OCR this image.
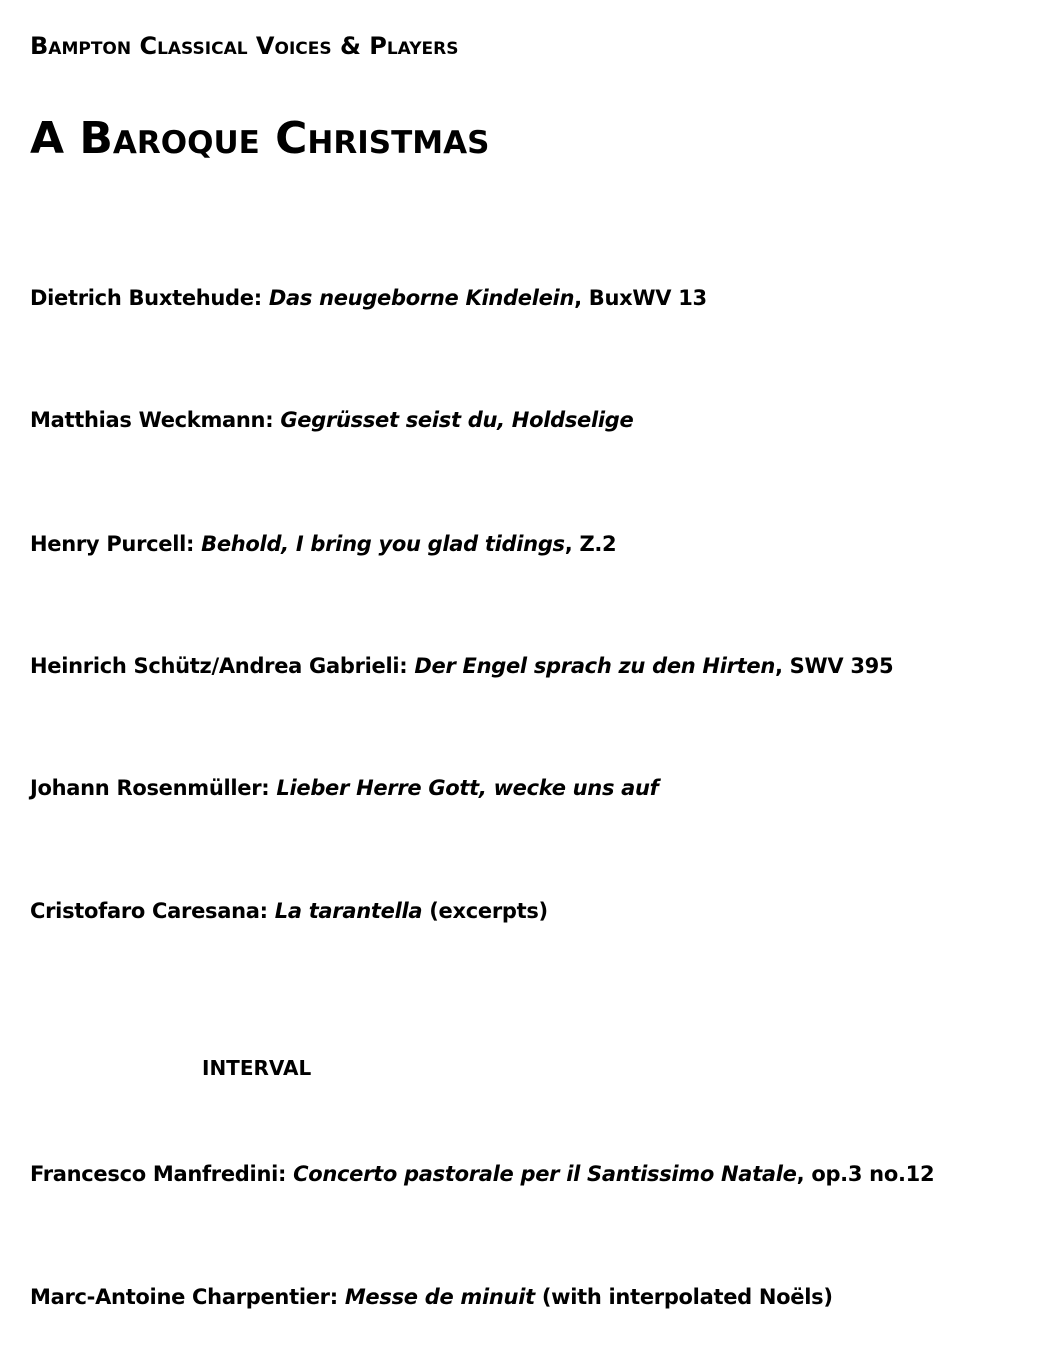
Bampton Classical Voices & Players
A Baroque Christmas
Dietrich Buxtehude: Das neugeborne Kindelein, BuxWV 13
Matthias Weckmann: Gegrüsset seist du, Holdselige
Henry Purcell: Behold, I bring you glad tidings, Z.2
Heinrich Schütz/Andrea Gabrieli: Der Engel sprach zu den Hirten, SWV 395
Johann Rosenmüller: Lieber Herre Gott, wecke uns auf
Cristofaro Caresana: La tarantella (excerpts)
INTERVAL
Francesco Manfredini: Concerto pastorale per il Santissimo Natale, op.3 no.12
Marc-Antoine Charpentier: Messe de minuit (with interpolated Noëls)
